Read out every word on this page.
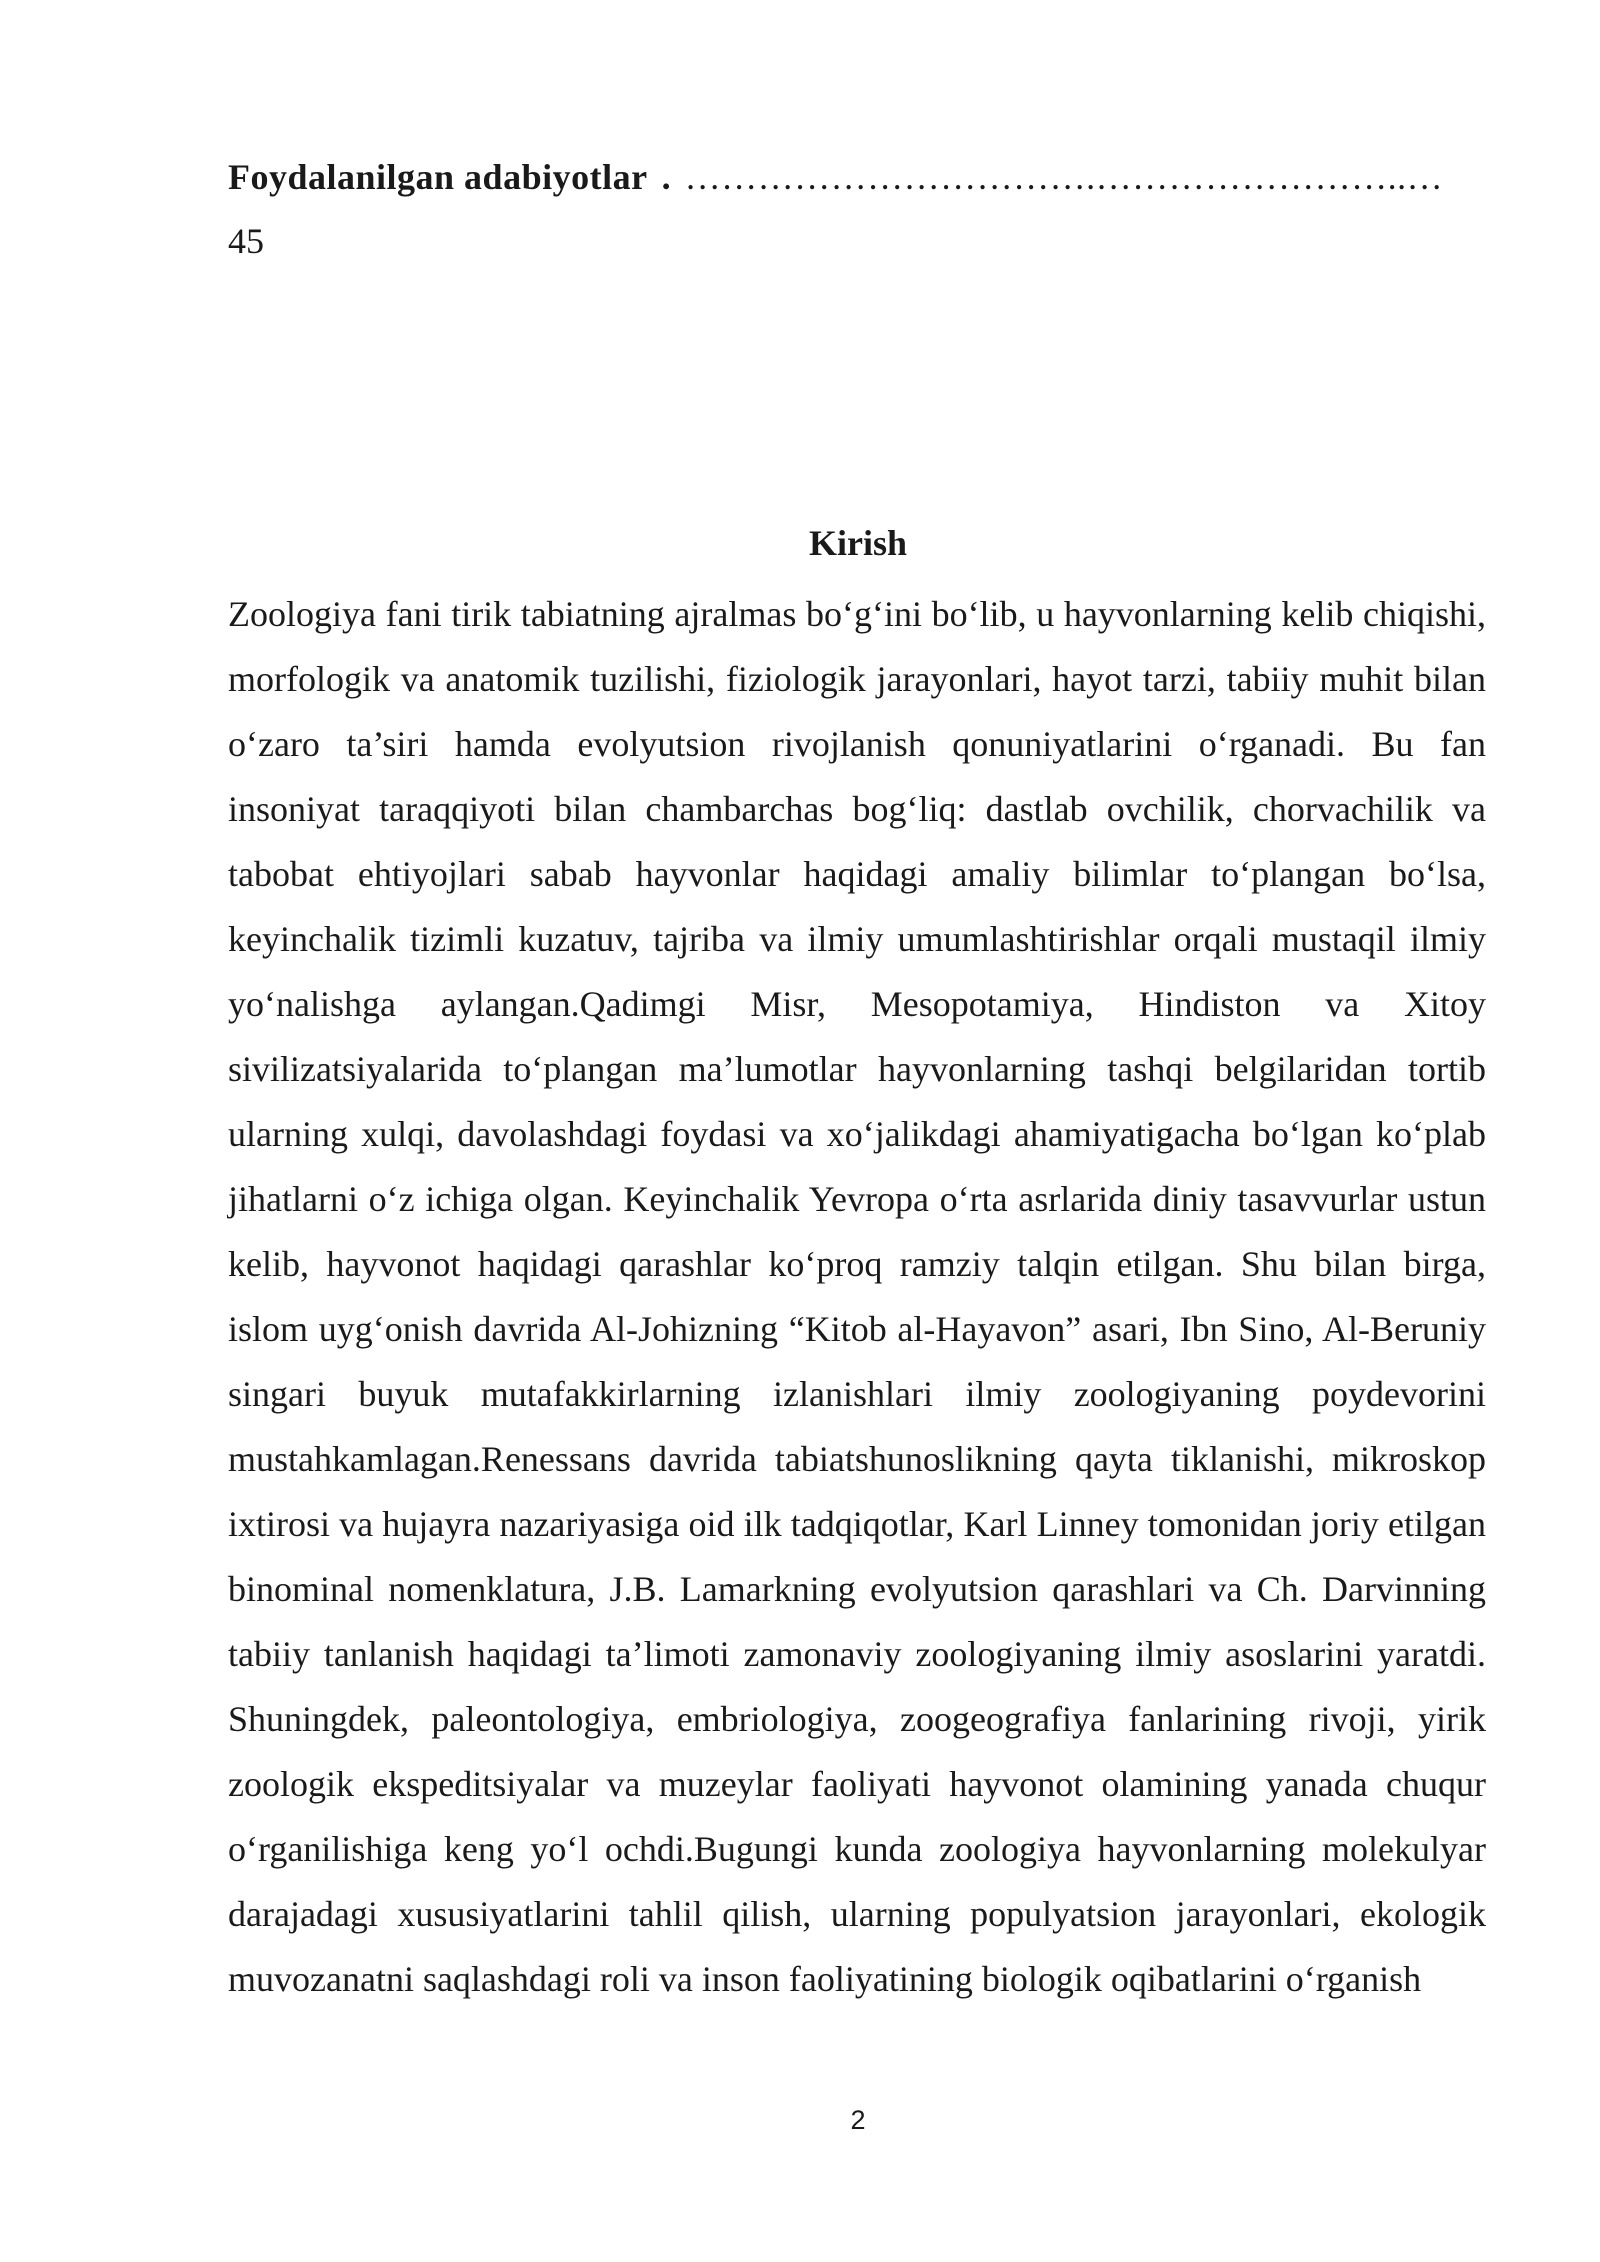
Foydalanilgan adabiyotlar . …………………………….……………………..…
45
Kirish

Zoologiya fani tirik tabiatning ajralmas bo‘g‘ini bo‘lib, u hayvonlarning kelib chiqishi, morfologik va anatomik tuzilishi, fiziologik jarayonlari, hayot tarzi, tabiiy muhit bilan o‘zaro ta’siri hamda evolyutsion rivojlanish qonuniyatlarini o‘rganadi. Bu fan insoniyat taraqqiyoti bilan chambarchas bog‘liq: dastlab ovchilik, chorvachilik va tabobat ehtiyojlari sabab hayvonlar haqidagi amaliy bilimlar to‘plangan bo‘lsa, keyinchalik tizimli kuzatuv, tajriba va ilmiy umumlashtirishlar orqali mustaqil ilmiy yo‘nalishga aylangan.Qadimgi Misr, Mesopotamiya, Hindiston va Xitoy sivilizatsiyalarida to‘plangan ma’lumotlar hayvonlarning tashqi belgilaridan tortib ularning xulqi, davolashdagi foydasi va xo‘jalikdagi ahamiyatigacha bo‘lgan ko‘plab jihatlarni o‘z ichiga olgan. Keyinchalik Yevropa o‘rta asrlarida diniy tasavvurlar ustun kelib, hayvonot haqidagi qarashlar ko‘proq ramziy talqin etilgan. Shu bilan birga, islom uyg‘onish davrida Al-Johizning “Kitob al-Hayavon” asari, Ibn Sino, Al-Beruniy singari buyuk mutafakkirlarning izlanishlari ilmiy zoologiyaning poydevorini mustahkamlagan.Renessans davrida tabiatshunoslikning qayta tiklanishi, mikroskop ixtirosi va hujayra nazariyasiga oid ilk tadqiqotlar, Karl Linney tomonidan joriy etilgan binominal nomenklatura, J.B. Lamarkning evolyutsion qarashlari va Ch. Darvinning tabiiy tanlanish haqidagi ta’limoti zamonaviy zoologiyaning ilmiy asoslarini yaratdi. Shuningdek, paleontologiya, embriologiya, zoogeografiya fanlarining rivoji, yirik zoologik ekspeditsiyalar va muzeylar faoliyati hayvonot olamining yanada chuqur o‘rganilishiga keng yo‘l ochdi.Bugungi kunda zoologiya hayvonlarning molekulyar darajadagi xususiyatlarini tahlil qilish, ularning populyatsion jarayonlari, ekologik muvozanatni saqlashdagi roli va inson faoliyatining biologik oqibatlarini o‘rganish

2
